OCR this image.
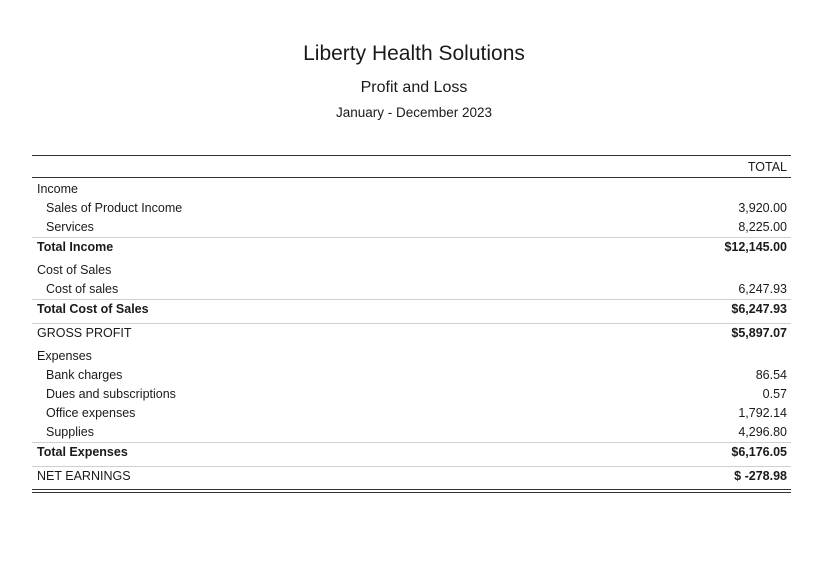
Liberty Health Solutions
Profit and Loss
January - December 2023
TOTAL
Income
Sales of Product Income	3,920.00
Services	8,225.00
Total Income	$12,145.00
Cost of Sales
Cost of sales	6,247.93
Total Cost of Sales	$6,247.93
GROSS PROFIT	$5,897.07
Expenses
Bank charges	86.54
Dues and subscriptions	0.57
Office expenses	1,792.14
Supplies	4,296.80
Total Expenses	$6,176.05
NET EARNINGS	$ -278.98
